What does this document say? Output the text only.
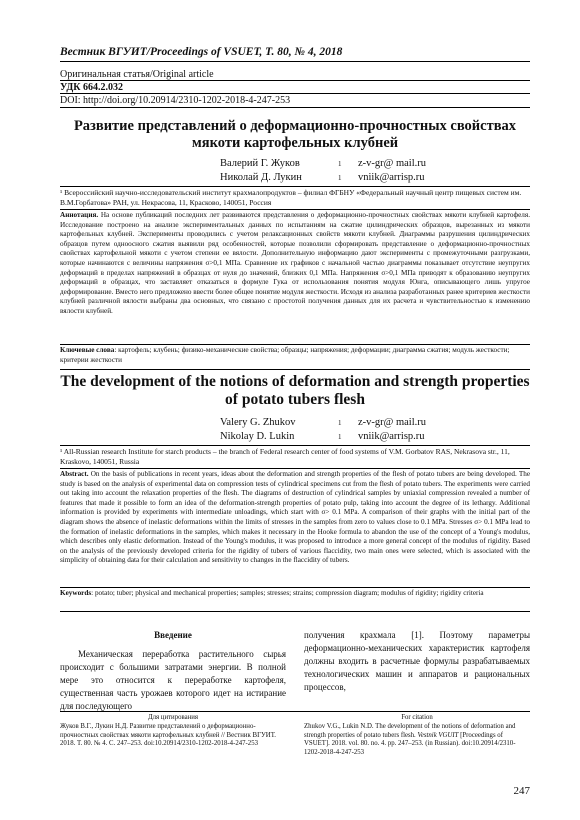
Вестник ВГУИТ/Proceedings of VSUET, Т. 80, № 4, 2018
Оригинальная статья/Original article
УДК 664.2.032
DOI: http://doi.org/10.20914/2310-1202-2018-4-247-253
Развитие представлений о деформационно-прочностных свойствах мякоти картофельных клубней
Валерий Г. Жуков	1	z-v-gr@ mail.ru
Николай Д. Лукин	1	vniik@arrisp.ru
¹ Всероссийский научно-исследовательский институт крахмалопродуктов – филиал ФГБНУ «Федеральный научный центр пищевых систем им. В.М.Горбатова» РАН, ул. Некрасова, 11, Красково, 140051, Россия
Аннотация. На основе публикаций последних лет развиваются представления о деформационно-прочностных свойствах мякоти клубней картофеля. Исследование построено на анализе экспериментальных данных по испытаниям на сжатие цилиндрических образцов, вырезанных из мякоти картофельных клубней. Эксперименты проводились с учетом релаксационных свойств мякоти клубней. Диаграммы разрушения цилиндрических образцов путем одноосного сжатия выявили ряд особенностей, которые позволили сформировать представление о деформационно-прочностных свойствах картофельной мякоти с учетом степени ее вялости. Дополнительную информацию дают эксперименты с промежуточными разгрузками, которые начинаются с величины напряжения σ>0,1 МПа. Сравнение их графиков с начальной частью диаграммы показывает отсутствие неупругих деформаций в пределах напряжений в образцах от нуля до значений, близких 0,1 МПа. Напряжения σ>0,1 МПа приводят к образованию неупругих деформаций в образцах, что заставляет отказаться в формуле Гука от использования понятия модуля Юнга, описывающего лишь упругое деформирование. Вместо него предложено ввести более общее понятие модуля жесткости. Исходя из анализа разработанных ранее критериев жесткости клубней различной вялости выбраны два основных, что связано с простотой получения данных для их расчета и чувствительностью к изменению вялости клубней.
Ключевые слова: картофель; клубень; физико-механические свойства; образцы; напряжения; деформации; диаграмма сжатия; модуль жесткости; критерии жесткости
The development of the notions of deformation and strength properties of potato tubers flesh
Valery G. Zhukov	1	z-v-gr@ mail.ru
Nikolay D. Lukin	1	vniik@arrisp.ru
¹ All-Russian research Institute for starch products – the branch of Federal research center of food systems of V.M. Gorbatov RAS, Nekrasova str., 11, Kraskovo, 140051, Russia
Abstract. On the basis of publications in recent years, ideas about the deformation and strength properties of the flesh of potato tubers are being developed. The study is based on the analysis of experimental data on compression tests of cylindrical specimens cut from the flesh of potato tubers. The experiments were carried out taking into account the relaxation properties of the flesh. The diagrams of destruction of cylindrical samples by uniaxial compression revealed a number of features that made it possible to form an idea of the deformation-strength properties of potato pulp, taking into account the degree of its lethargy. Additional information is provided by experiments with intermediate unloadings, which start with σ> 0.1 MPa. A comparison of their graphs with the initial part of the diagram shows the absence of inelastic deformations within the limits of stresses in the samples from zero to values close to 0.1 MPa. Stresses σ> 0.1 MPa lead to the formation of inelastic deformations in the samples, which makes it necessary in the Hooke formula to abandon the use of the concept of a Young's modulus, which describes only elastic deformation. Instead of the Young's modulus, it was proposed to introduce a more general concept of the modulus of rigidity. Based on the analysis of the previously developed criteria for the rigidity of tubers of various flaccidity, two main ones were selected, which is associated with the simplicity of obtaining data for their calculation and sensitivity to changes in the flaccidity of tubers.
Keywords: potato; tuber; physical and mechanical properties; samples; stresses; strains; compression diagram; modulus of rigidity; rigidity criteria
Введение
Механическая переработка растительного сырья происходит с большими затратами энергии. В полной мере это относится к переработке картофеля, существенная часть урожаев которого идет на истирание для последующего
получения крахмала [1]. Поэтому параметры деформационно-механических характеристик картофеля должны входить в расчетные формулы разрабатываемых технологических машин и аппаратов и рациональных процессов,
Для цитирования
Жуков В.Г., Лукин Н.Д. Развитие представлений о деформационно-прочностных свойствах мякоти картофельных клубней // Вестник ВГУИТ. 2018. Т. 80. № 4. С. 247–253. doi:10.20914/2310-1202-2018-4-247-253
For citation
Zhukov V.G., Lukin N.D. The development of the notions of deformation and strength properties of potato tubers flesh. Vestnik VGUIT [Proceedings of VSUET]. 2018. vol. 80. no. 4. pp. 247–253. (in Russian). doi:10.20914/2310-1202-2018-4-247-253
247
